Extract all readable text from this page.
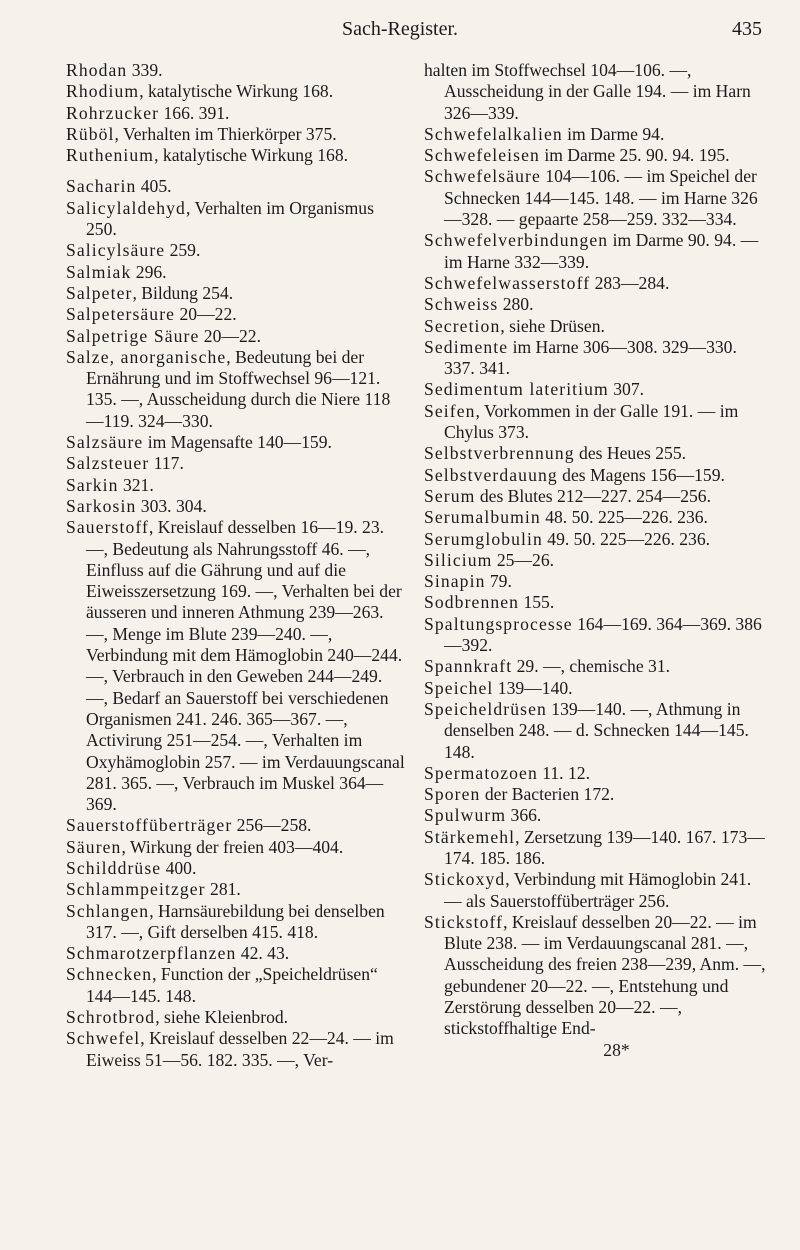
Sach-Register.	435

Rhodan 339.

Rhodium, katalytische Wirkung 168.

Rohrzucker 166. 391.

Rüböl, Verhalten im Thierkörper 375.

Ruthenium, katalytische Wirkung 168.

Sacharin 405.

Salicylaldehyd, Verhalten im Organismus 250.

Salicylsäure 259.

Salmiak 296.

Salpeter, Bildung 254.

Salpetersäure 20—22.

Salpetrige Säure 20—22.

Salze, anorganische, Bedeutung bei der Ernährung und im Stoffwechsel 96—121. 135. —, Ausscheidung durch die Niere 118—119. 324—330.

Salzsäure im Magensafte 140—159.

Salzsteuer 117.

Sarkin 321.

Sarkosin 303. 304.

Sauerstoff, Kreislauf desselben 16—19. 23. —, Bedeutung als Nahrungsstoff 46. —, Einfluss auf die Gährung und auf die Eiweisszersetzung 169. —, Verhalten bei der äusseren und inneren Athmung 239—263. —, Menge im Blute 239—240. —, Verbindung mit dem Hämoglobin 240—244. —, Verbrauch in den Geweben 244—249. —, Bedarf an Sauerstoff bei verschiedenen Organismen 241. 246. 365—367. —, Activirung 251—254. —, Verhalten im Oxyhämoglobin 257. — im Verdauungscanal 281. 365. —, Verbrauch im Muskel 364—369.

Sauerstoffüberträger 256—258.

Säuren, Wirkung der freien 403—404.

Schilddrüse 400.

Schlammpeitzger 281.

Schlangen, Harnsäurebildung bei denselben 317. —, Gift derselben 415. 418.

Schmarotzerpflanzen 42. 43.

Schnecken, Function der „Speicheldrüsen“ 144—145. 148.

Schrotbrod, siehe Kleienbrod.

Schwefel, Kreislauf desselben 22—24. — im Eiweiss 51—56. 182. 335. —, Ver-

halten im Stoffwechsel 104—106. —, Ausscheidung in der Galle 194. — im Harn 326—339.

Schwefelalkalien im Darme 94.

Schwefeleisen im Darme 25. 90. 94. 195.

Schwefelsäure 104—106. — im Speichel der Schnecken 144—145. 148. — im Harne 326—328. — gepaarte 258—259. 332—334.

Schwefelverbindungen im Darme 90. 94. — im Harne 332—339.

Schwefelwasserstoff 283—284.

Schweiss 280.

Secretion, siehe Drüsen.

Sedimente im Harne 306—308. 329—330. 337. 341.

Sedimentum lateritium 307.

Seifen, Vorkommen in der Galle 191. — im Chylus 373.

Selbstverbrennung des Heues 255.

Selbstverdauung des Magens 156—159.

Serum des Blutes 212—227. 254—256.

Serumalbumin 48. 50. 225—226. 236.

Serumglobulin 49. 50. 225—226. 236.

Silicium 25—26.

Sinapin 79.

Sodbrennen 155.

Spaltungsprocesse 164—169. 364—369. 386—392.

Spannkraft 29. —, chemische 31.

Speichel 139—140.

Speicheldrüsen 139—140. —, Athmung in denselben 248. — d. Schnecken 144—145. 148.

Spermatozoen 11. 12.

Sporen der Bacterien 172.

Spulwurm 366.

Stärkemehl, Zersetzung 139—140. 167. 173—174. 185. 186.

Stickoxyd, Verbindung mit Hämoglobin 241. — als Sauerstoffüberträger 256.

Stickstoff, Kreislauf desselben 20—22. — im Blute 238. — im Verdauungscanal 281. —, Ausscheidung des freien 238—239, Anm. —, gebundener 20—22. —, Entstehung und Zerstörung desselben 20—22. —, stickstoffhaltige End-

28*
